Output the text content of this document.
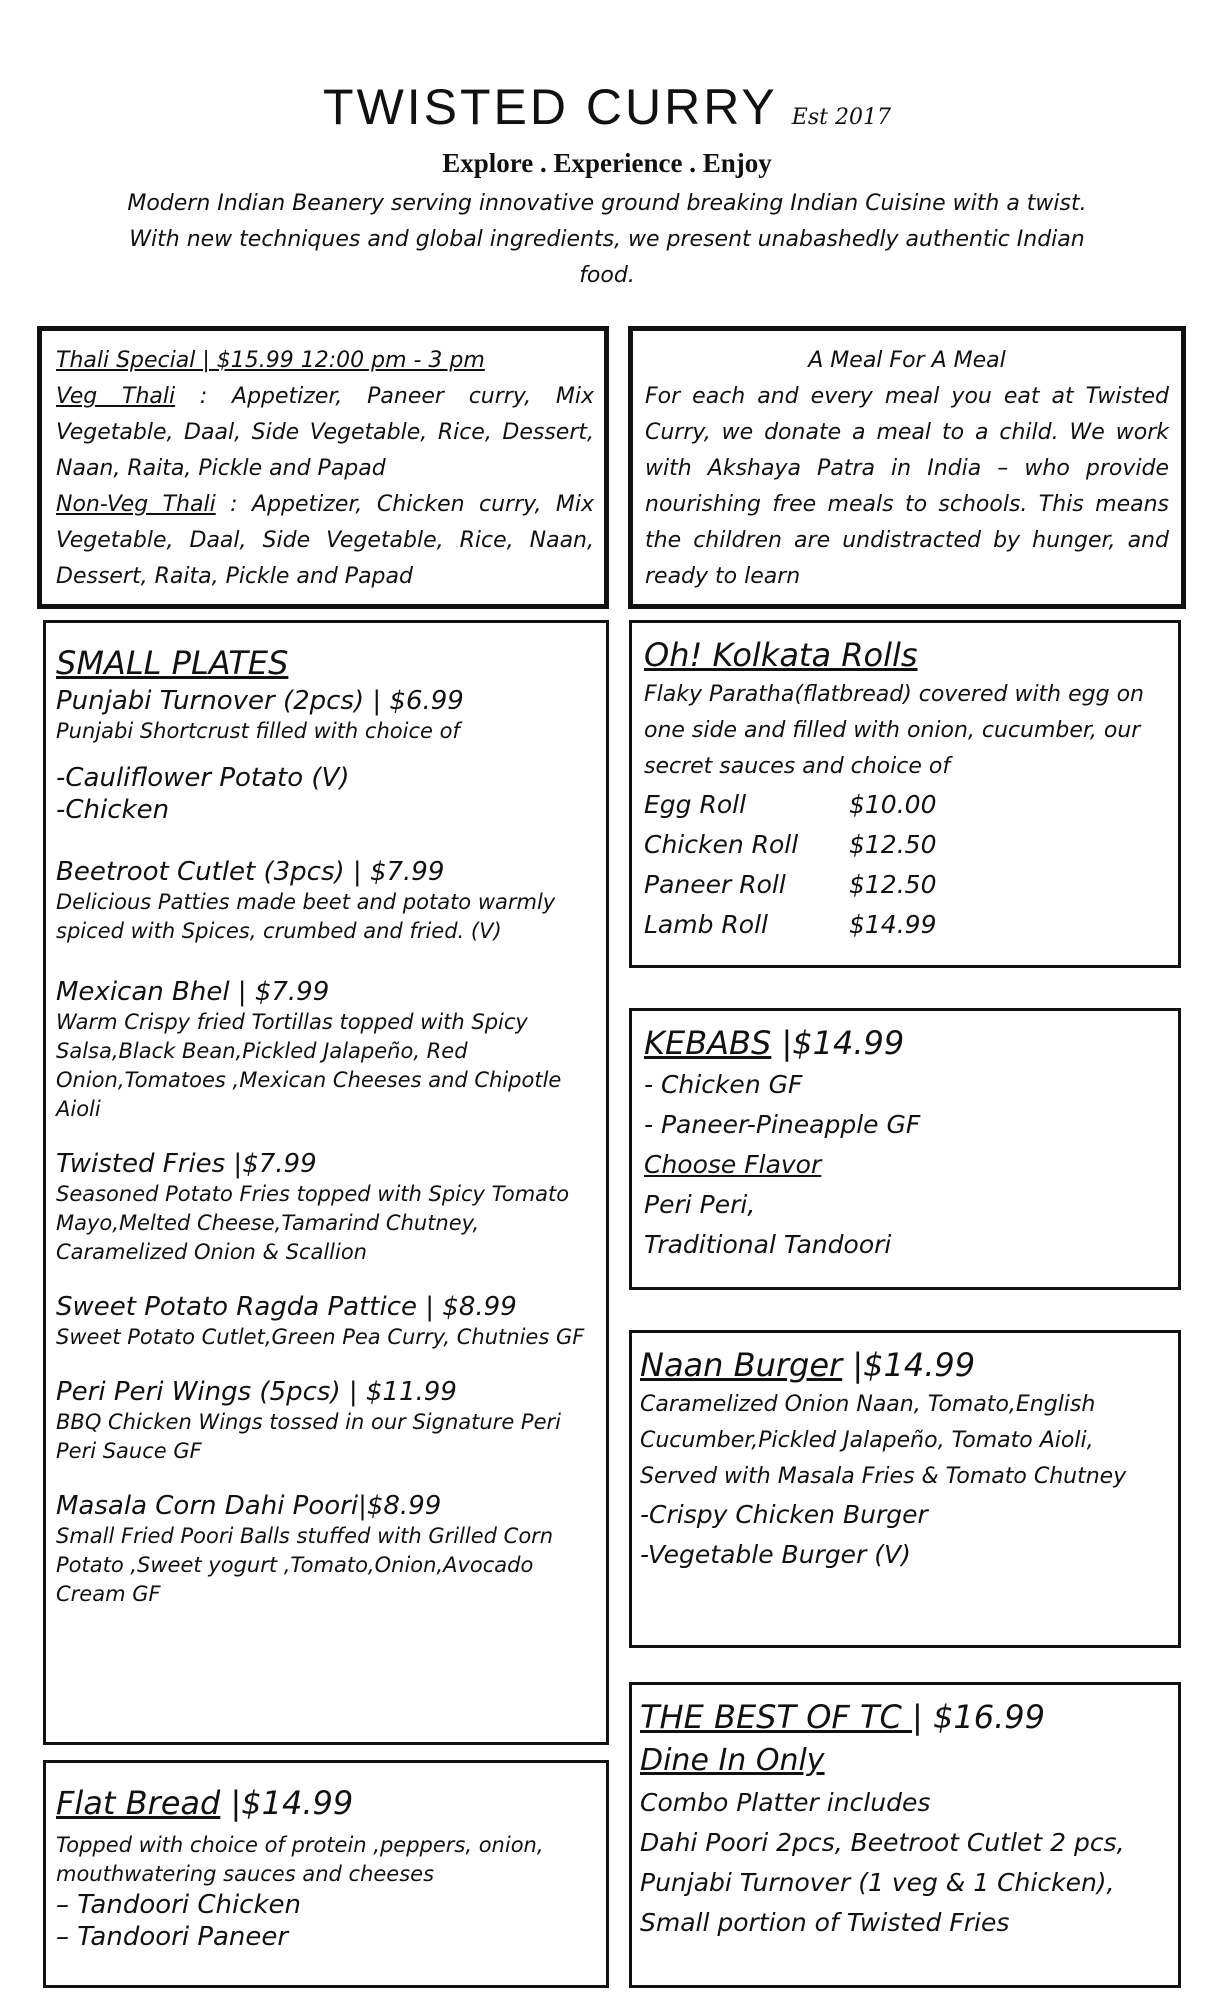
TWISTED CURRY Est 2017
Explore . Experience . Enjoy
Modern Indian Beanery serving innovative ground breaking Indian Cuisine with a twist. With new techniques and global ingredients, we present unabashedly authentic Indian food.
Thali Special | $15.99 12:00 pm - 3 pm
Veg Thali : Appetizer, Paneer curry, Mix Vegetable, Daal, Side Vegetable, Rice, Dessert, Naan, Raita, Pickle and Papad
Non-Veg Thali : Appetizer, Chicken curry, Mix Vegetable, Daal, Side Vegetable, Rice, Naan, Dessert, Raita, Pickle and Papad
A Meal For A Meal
For each and every meal you eat at Twisted Curry, we donate a meal to a child. We work with Akshaya Patra in India – who provide nourishing free meals to schools. This means the children are undistracted by hunger, and ready to learn
SMALL PLATES
Punjabi Turnover (2pcs) | $6.99
Punjabi Shortcrust filled with choice of
-Cauliflower Potato (V)
-Chicken
Beetroot Cutlet (3pcs) | $7.99
Delicious Patties made beet and potato warmly spiced with Spices, crumbed and fried. (V)
Mexican Bhel | $7.99
Warm Crispy fried Tortillas topped with Spicy Salsa,Black Bean,Pickled Jalapeño, Red Onion,Tomatoes ,Mexican Cheeses and Chipotle Aioli
Twisted Fries |$7.99
Seasoned Potato Fries topped with Spicy Tomato Mayo,Melted Cheese,Tamarind Chutney, Caramelized Onion & Scallion
Sweet Potato Ragda Pattice | $8.99
Sweet Potato Cutlet,Green Pea Curry, Chutnies GF
Peri Peri Wings (5pcs) | $11.99
BBQ Chicken Wings tossed in our Signature Peri Peri Sauce GF
Masala Corn Dahi Poori|$8.99
Small Fried Poori Balls stuffed with Grilled Corn Potato ,Sweet yogurt ,Tomato,Onion,Avocado Cream GF
Flat Bread |$14.99
Topped with choice of protein ,peppers, onion, mouthwatering sauces and cheeses
– Tandoori Chicken
– Tandoori Paneer
Oh! Kolkata Rolls
Flaky Paratha(flatbread) covered with egg on one side and filled with onion, cucumber, our secret sauces and choice of
Egg Roll	$10.00
Chicken Roll	$12.50
Paneer Roll	$12.50
Lamb Roll	$14.99
KEBABS |$14.99
- Chicken GF
- Paneer-Pineapple GF
Choose Flavor
Peri Peri,
Traditional Tandoori
Naan Burger |$14.99
Caramelized Onion Naan, Tomato,English Cucumber,Pickled Jalapeño, Tomato Aioli, Served with Masala Fries & Tomato Chutney
-Crispy Chicken Burger
-Vegetable Burger (V)
THE BEST OF TC | $16.99
Dine In Only
Combo Platter includes
Dahi Poori 2pcs, Beetroot Cutlet 2 pcs,
Punjabi Turnover (1 veg & 1 Chicken),
Small portion of Twisted Fries
